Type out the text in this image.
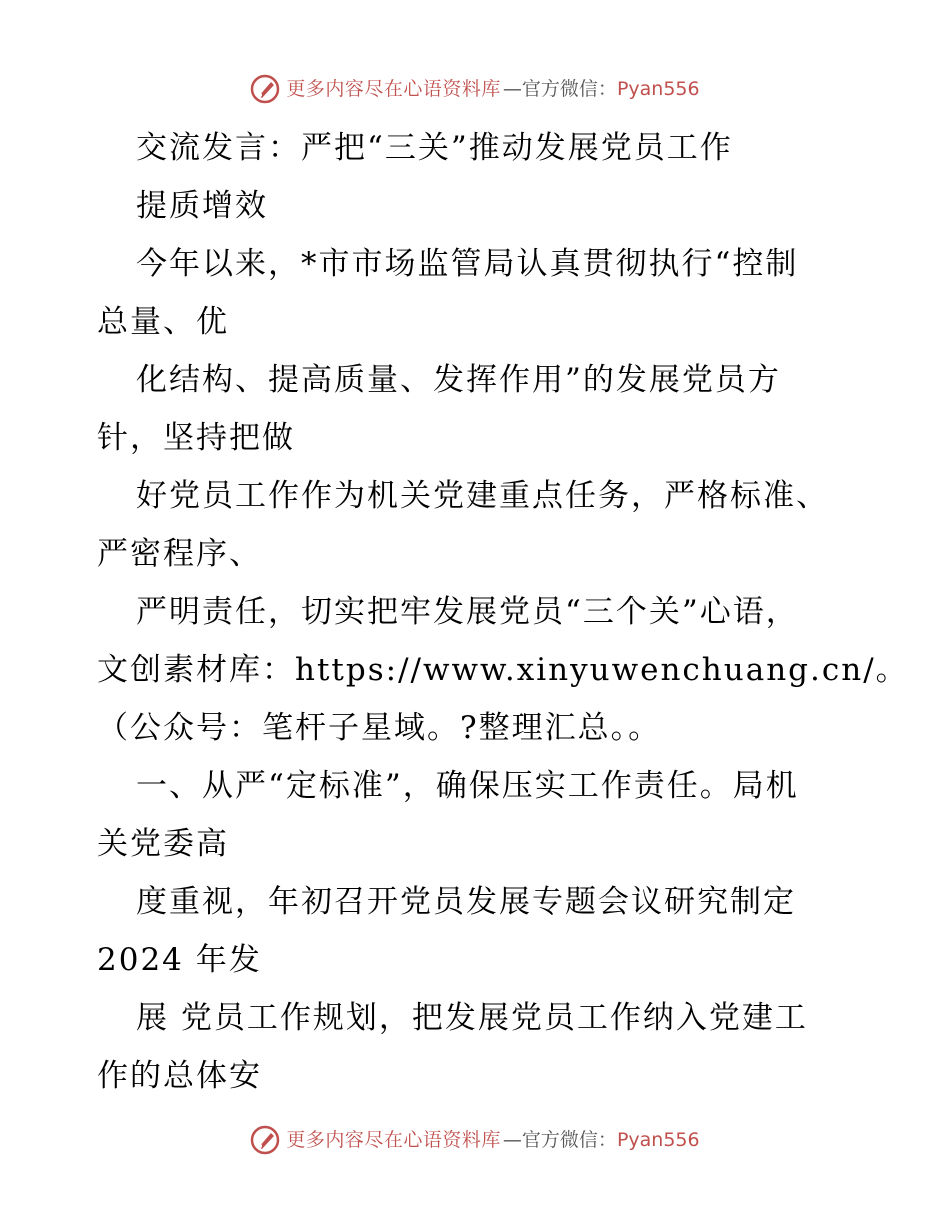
更多内容尽在心语资料库 —官方微信： Pyan556

交流发言：严把“三关”推动发展党员工作

提质增效

今年以来，*市市场监管局认真贯彻执行“控制

总量、优

化结构、提高质量、发挥作用”的发展党员方

针，坚持把做

好党员工作作为机关党建重点任务，严格标准、

严密程序、

严明责任，切实把牢发展党员“三个关”心语，

文创素材库：https://www.xinyuwenchuang.cn/。

（公众号：笔杆子星域。?整理汇总。。

一、从严“定标准”，确保压实工作责任。局机

关党委高

度重视，年初召开党员发展专题会议研究制定

2024 年发

展 党员工作规划，把发展党员工作纳入党建工

作的总体安

更多内容尽在心语资料库 —官方微信： Pyan556
